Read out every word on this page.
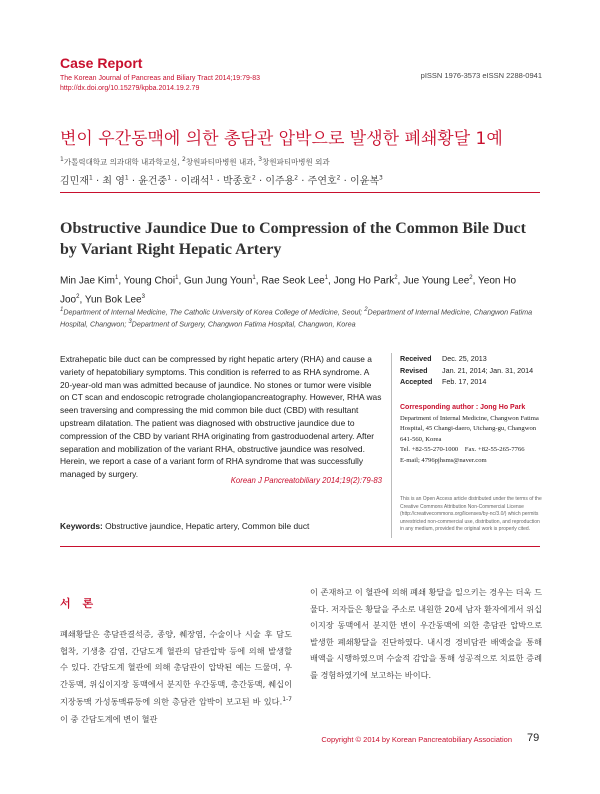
Case Report
The Korean Journal of Pancreas and Biliary Tract 2014;19:79-83
http://dx.doi.org/10.15279/kpba.2014.19.2.79
pISSN 1976-3573 eISSN 2288-0941
변이 우간동맥에 의한 총담관 압박으로 발생한 폐쇄황달 1예
$^1$가톨릭대학교 의과대학 내과학교실, $^2$창원파티마병원 내과, $^3$창원파티마병원 외과
김민재$^1$ · 최 영$^1$ · 윤건중$^1$ · 이래석$^1$ · 박종호$^2$ · 이주용$^2$ · 주연호$^2$ · 이윤복$^3$
Obstructive Jaundice Due to Compression of the Common Bile Duct by Variant Right Hepatic Artery
Min Jae Kim$^1$, Young Choi$^1$, Gun Jung Youn$^1$, Rae Seok Lee$^1$, Jong Ho Park$^2$, Jue Young Lee$^2$, Yeon Ho Joo$^2$, Yun Bok Lee$^3$
$^1$Department of Internal Medicine, The Catholic University of Korea College of Medicine, Seoul; $^2$Department of Internal Medicine, Changwon Fatima Hospital, Changwon; $^3$Department of Surgery, Changwon Fatima Hospital, Changwon, Korea
Extrahepatic bile duct can be compressed by right hepatic artery (RHA) and cause a variety of hepatobiliary symptoms. This condition is referred to as RHA syndrome. A 20-year-old man was admitted because of jaundice. No stones or tumor were visible on CT scan and endoscopic retrograde cholangiopancreatography. However, RHA was seen traversing and compressing the mid common bile duct (CBD) with resultant upstream dilatation. The patient was diagnosed with obstructive jaundice due to compression of the CBD by variant RHA originating from gastroduodenal artery. After separation and mobilization of the variant RHA, obstructive jaundice was resolved. Herein, we report a case of a variant form of RHA syndrome that was successfully managed by surgery.
Korean J Pancreatobiliary 2014;19(2):79-83
Received Dec. 25, 2013
Revised Jan. 21, 2014; Jan. 31, 2014
Accepted Feb. 17, 2014
Corresponding author : Jong Ho Park
Department of Internal Medicine, Changwon Fatima Hospital, 45 Changi-daero, Uichang-gu, Changwon 641-560, Korea
Tel. +82-55-270-1000 Fax. +82-55-265-7766
E-mail; 4796pjhsms@naver.com
This is an Open Access article distributed under the terms of the Creative Commons Attribution Non-Commercial License (http://creativecommons.org/licenses/by-nc/3.0/) which permits unrestricted non-commercial use, distribution, and reproduction in any medium, provided the original work is properly cited.
Keywords: Obstructive jaundice, Hepatic artery, Common bile duct
서 론
폐쇄황달은 총담관결석증, 종양, 췌장염, 수술이나 시술 후 담도 협착, 기생충 감염, 간담도계 혈관의 담관압박 등에 의해 발생할 수 있다. 간담도계 혈관에 의해 총담관이 압박된 예는 드물며, 우간동맥, 위십이지장 동맥에서 분지한 우간동맥, 총간동맥, 췌십이지장동맥 가성동맥류등에 의한 총담관 압박이 보고된 바 있다.$^{1-7}$ 이 중 간담도계에 변이 혈관
이 존재하고 이 혈관에 의해 폐쇄 황달을 일으키는 경우는 더욱 드물다. 저자들은 황달을 주소로 내원한 20세 남자 환자에게서 위십이지장 동맥에서 분지한 변이 우간동맥에 의한 총담관 압박으로 발생한 폐쇄황달을 진단하였다. 내시경 경비담관 배액술을 통해 배액을 시행하였으며 수술적 감압을 통해 성공적으로 치료한 증례를 경험하였기에 보고하는 바이다.
Copyright © 2014 by Korean Pancreatobiliary Association 79
